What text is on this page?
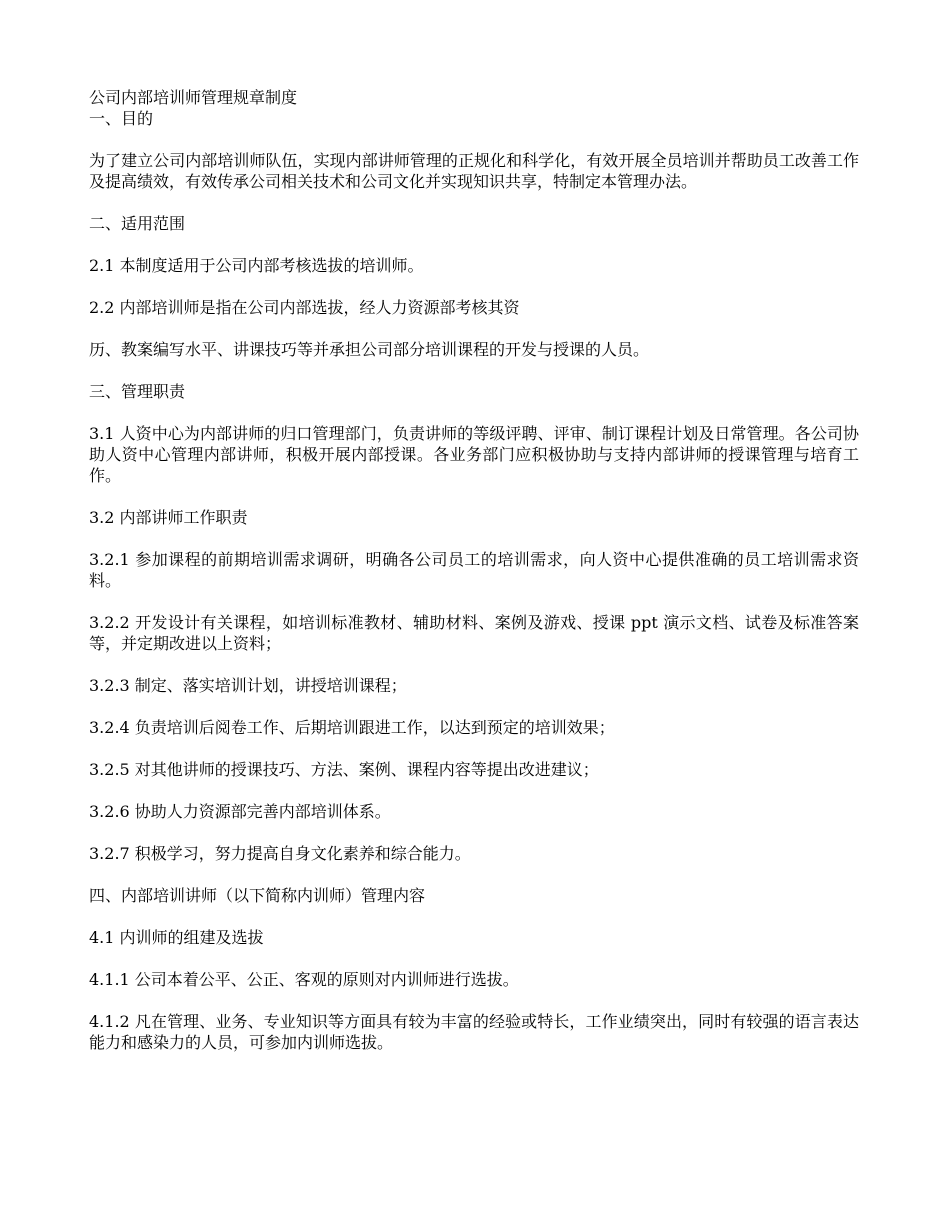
公司内部培训师管理规章制度

一、目的

为了建立公司内部培训师队伍，实现内部讲师管理的正规化和科学化，有效开展全员培训并帮助员工改善工作及提高绩效，有效传承公司相关技术和公司文化并实现知识共享，特制定本管理办法。

二、适用范围

2.1 本制度适用于公司内部考核选拔的培训师。

2.2 内部培训师是指在公司内部选拔，经人力资源部考核其资

历、教案编写水平、讲课技巧等并承担公司部分培训课程的开发与授课的人员。

三、管理职责

3.1 人资中心为内部讲师的归口管理部门，负责讲师的等级评聘、评审、制订课程计划及日常管理。各公司协助人资中心管理内部讲师，积极开展内部授课。各业务部门应积极协助与支持内部讲师的授课管理与培育工作。

3.2 内部讲师工作职责

3.2.1 参加课程的前期培训需求调研，明确各公司员工的培训需求，向人资中心提供准确的员工培训需求资料。

3.2.2 开发设计有关课程，如培训标准教材、辅助材料、案例及游戏、授课 ppt 演示文档、试卷及标准答案等，并定期改进以上资料；

3.2.3 制定、落实培训计划，讲授培训课程；

3.2.4 负责培训后阅卷工作、后期培训跟进工作，以达到预定的培训效果；

3.2.5 对其他讲师的授课技巧、方法、案例、课程内容等提出改进建议；

3.2.6 协助人力资源部完善内部培训体系。

3.2.7 积极学习，努力提高自身文化素养和综合能力。

四、内部培训讲师（以下简称内训师）管理内容

4.1 内训师的组建及选拔

4.1.1 公司本着公平、公正、客观的原则对内训师进行选拔。

4.1.2 凡在管理、业务、专业知识等方面具有较为丰富的经验或特长，工作业绩突出，同时有较强的语言表达能力和感染力的人员，可参加内训师选拔。
